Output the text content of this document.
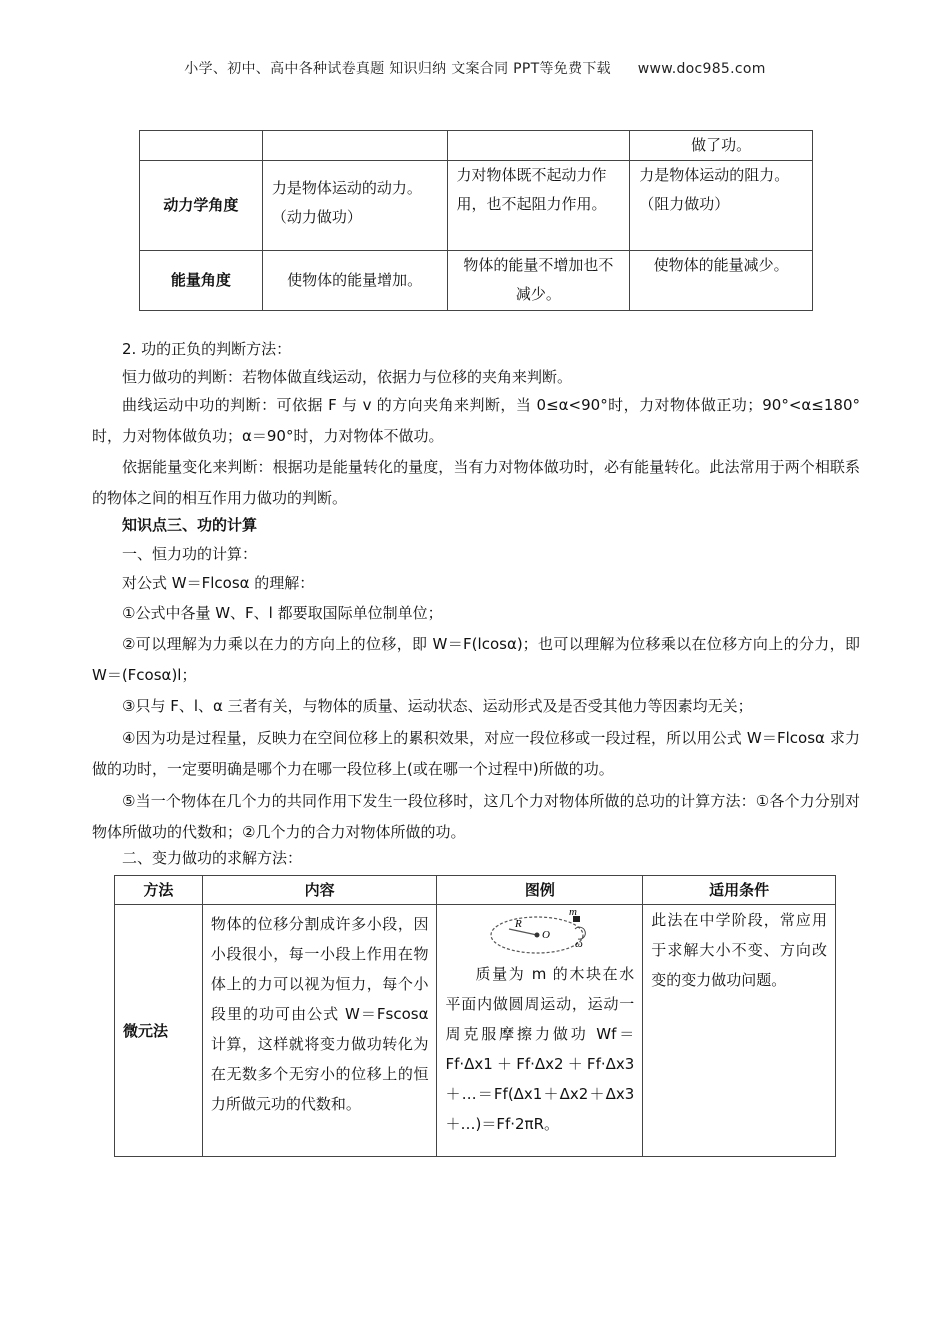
小学、初中、高中各种试卷真题 知识归纳 文案合同 PPT等免费下载 www.doc985.com
			做了功。
动力学角度	力是物体运动的动力。（动力做功）	力对物体既不起动力作用，也不起阻力作用。	力是物体运动的阻力。（阻力做功）
能量角度	使物体的能量增加。	物体的能量不增加也不减少。	使物体的能量减少。
2. 功的正负的判断方法：
恒力做功的判断：若物体做直线运动，依据力与位移的夹角来判断。
曲线运动中功的判断：可依据 F 与 v 的方向夹角来判断，当 0≤α<90°时，力对物体做正功；90°<α≤180°时，力对物体做负功；α＝90°时，力对物体不做功。
依据能量变化来判断：根据功是能量转化的量度，当有力对物体做功时，必有能量转化。此法常用于两个相联系的物体之间的相互作用力做功的判断。
知识点三、功的计算
一、恒力功的计算：
对公式 W＝Flcosα 的理解：
①公式中各量 W、F、l 都要取国际单位制单位；
②可以理解为力乘以在力的方向上的位移，即 W＝F(lcosα)；也可以理解为位移乘以在位移方向上的分力，即 W＝(Fcosα)l；
③只与 F、l、α 三者有关，与物体的质量、运动状态、运动形式及是否受其他力等因素均无关；
④因为功是过程量，反映力在空间位移上的累积效果，对应一段位移或一段过程，所以用公式 W＝Flcosα 求力做的功时，一定要明确是哪个力在哪一段位移上(或在哪一个过程中)所做的功。
⑤当一个物体在几个力的共同作用下发生一段位移时，这几个力对物体所做的总功的计算方法：①各个力分别对物体所做功的代数和；②几个力的合力对物体所做的功。
二、变力做功的求解方法：
方法	内容	图例	适用条件
微元法	物体的位移分割成许多小段，因小段很小，每一小段上作用在物体上的力可以视为恒力，每个小段里的功可由公式 W＝Fscosα 计算，这样就将变力做功转化为在无数多个无穷小的位移上的恒力所做元功的代数和。	R
O
m
ω
质量为 m 的木块在水平面内做圆周运动，运动一周克服摩擦力做功 Wf＝Ff·Δx1＋Ff·Δx2＋Ff·Δx3＋…＝Ff(Δx1＋Δx2＋Δx3＋…)＝Ff·2πR。	此法在中学阶段，常应用于求解大小不变、方向改变的变力做功问题。
